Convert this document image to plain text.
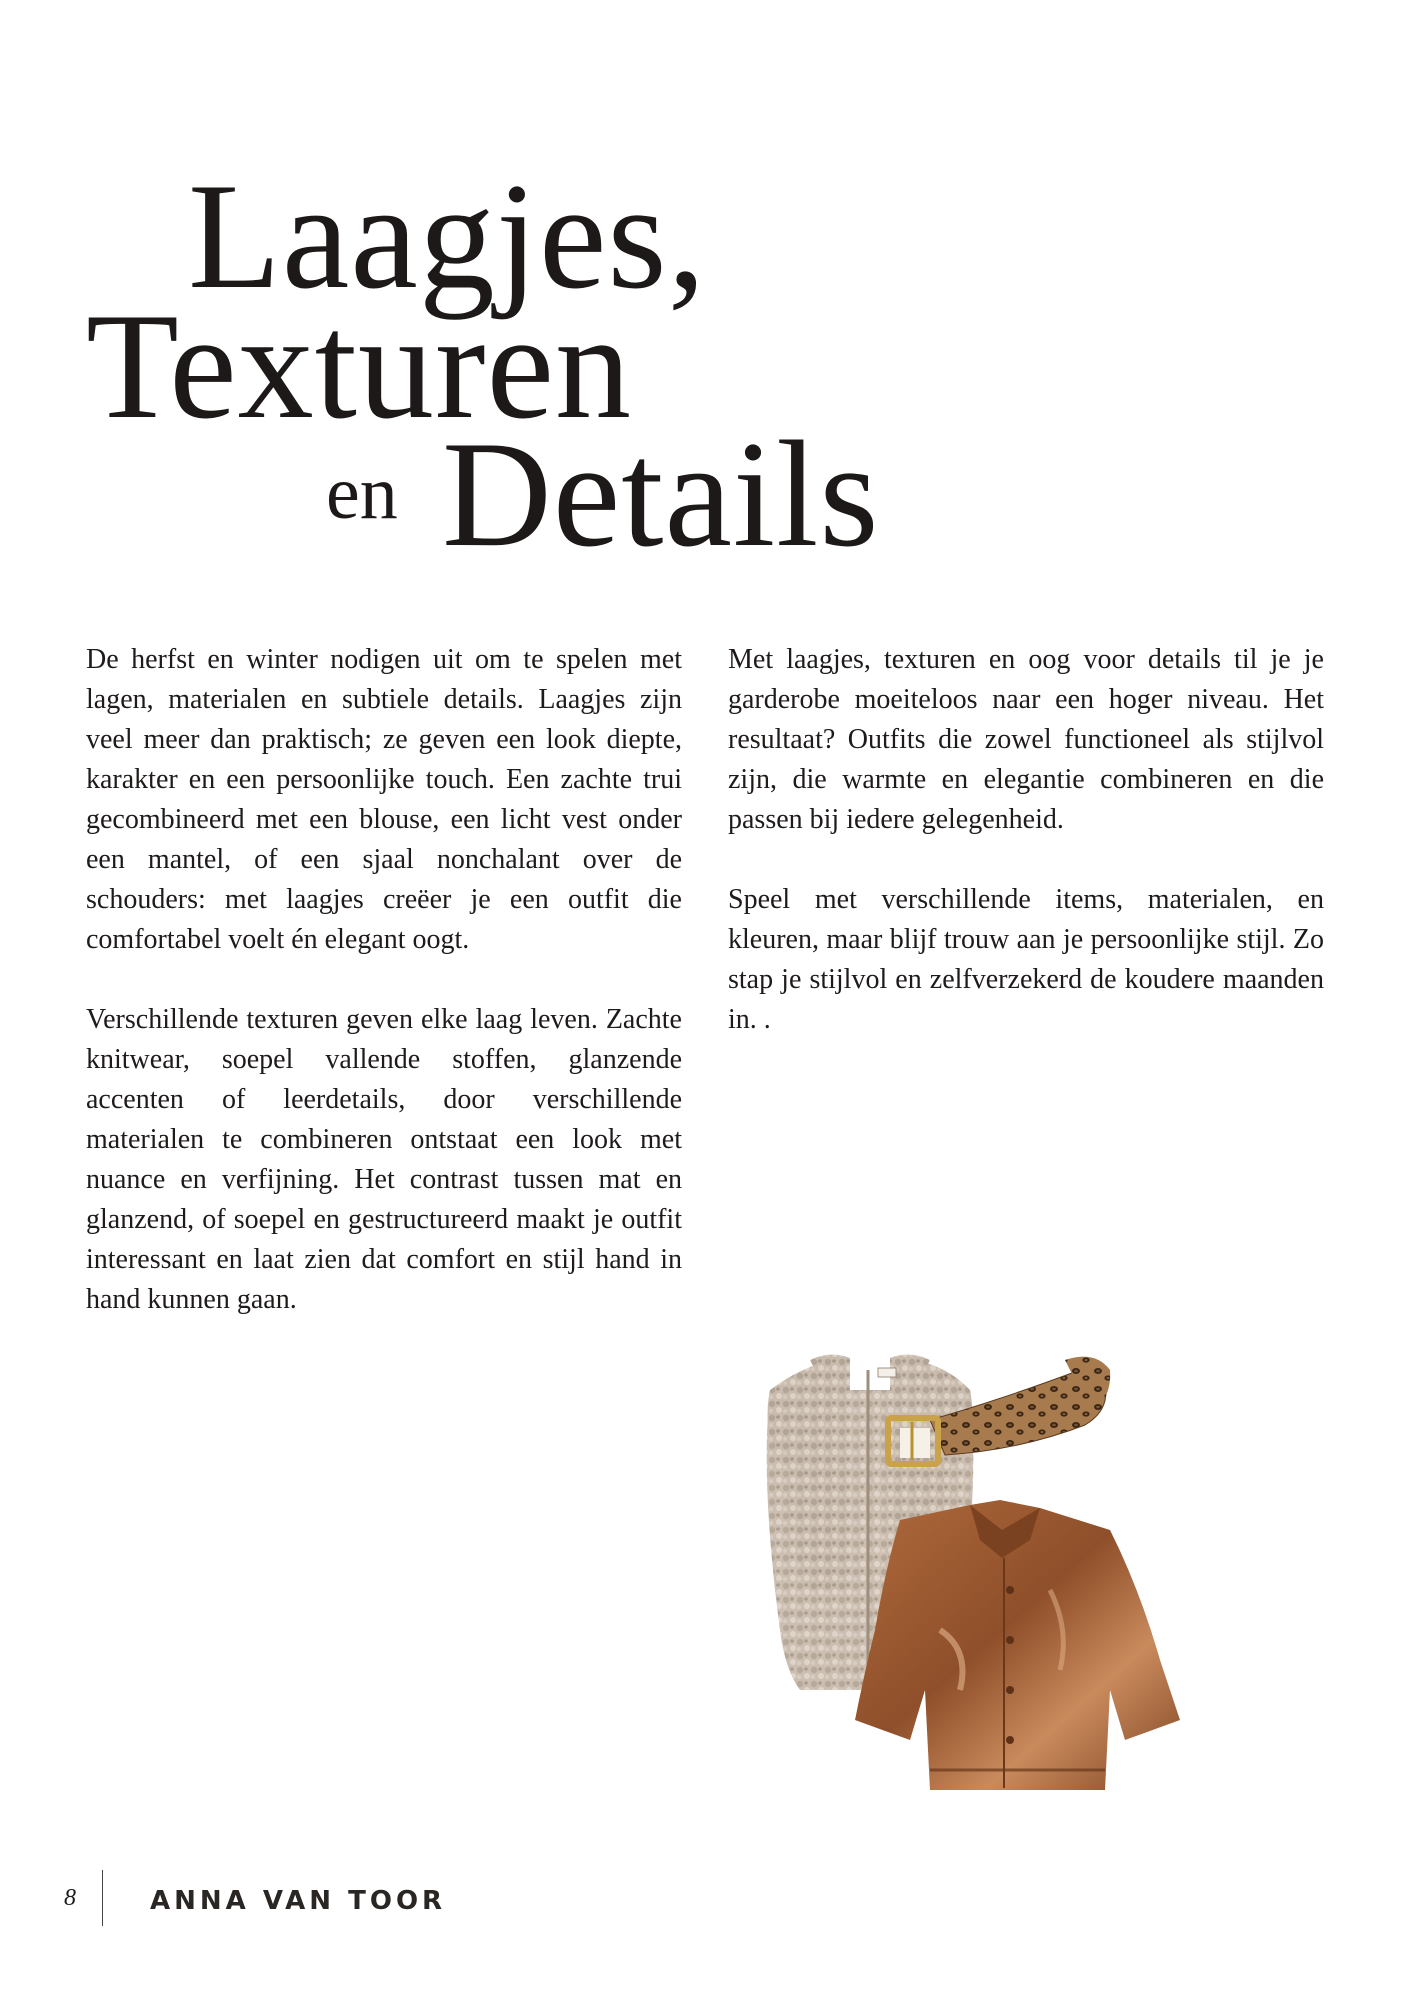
Laagjes,
Texturen
en Details

De herfst en winter nodigen uit om te spelen met lagen, materialen en subtiele details. Laagjes zijn veel meer dan praktisch; ze geven een look diepte, karakter en een persoonlijke touch. Een zachte trui gecombineerd met een blouse, een licht vest onder een mantel, of een sjaal nonchalant over de schouders: met laagjes creëer je een outfit die comfortabel voelt én elegant oogt.

Verschillende texturen geven elke laag leven. Zachte knitwear, soepel vallende stoffen, glanzende accenten of leerdetails, door verschillende materialen te combineren ontstaat een look met nuance en verfijning. Het contrast tussen mat en glanzend, of soepel en gestructureerd maakt je outfit interessant en laat zien dat comfort en stijl hand in hand kunnen gaan.

Met laagjes, texturen en oog voor details til je je garderobe moeiteloos naar een hoger niveau. Het resultaat? Outfits die zowel functioneel als stijlvol zijn, die warmte en elegantie combineren en die passen bij iedere gelegenheid.

Speel met verschillende items, materialen, en kleuren, maar blijf trouw aan je persoonlijke stijl. Zo stap je stijlvol en zelfverzekerd de koudere maanden in. .

8	ANNA VAN TOOR
